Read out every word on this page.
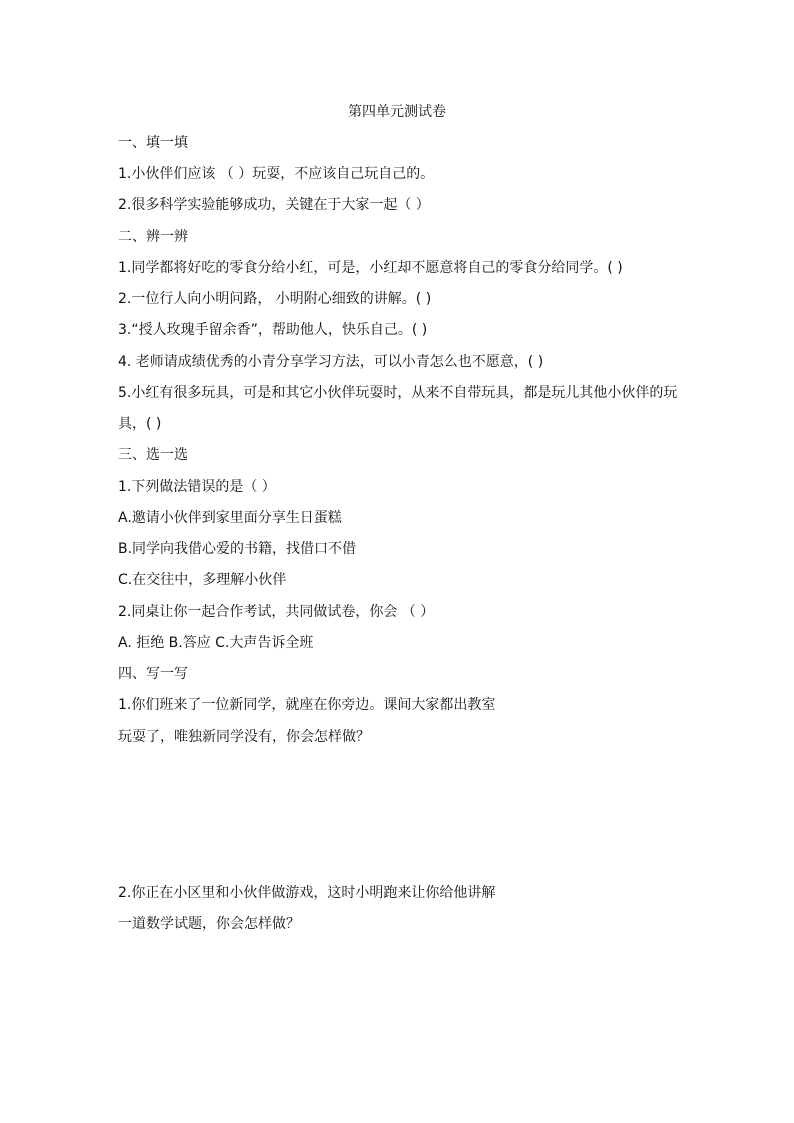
第四单元测试卷
一、填一填
1.小伙伴们应该 （ ）玩耍，不应该自己玩自己的。
2.很多科学实验能够成功，关键在于大家一起（ ）
二、辨一辨
1.同学都将好吃的零食分给小红，可是，小红却不愿意将自己的零食分给同学。( )
2.一位行人向小明问路， 小明附心细致的讲解。( )
3.“授人玫瑰手留余香”，帮助他人，快乐自己。( )
4. 老师请成绩优秀的小青分享学习方法，可以小青怎么也不愿意，( )
5.小红有很多玩具，可是和其它小伙伴玩耍时，从来不自带玩具，都是玩儿其他小伙伴的玩
具，( )
三、选一选
1.下列做法错误的是（ ）
A.邀请小伙伴到家里面分享生日蛋糕
B.同学向我借心爱的书籍，找借口不借
C.在交往中，多理解小伙伴
2.同桌让你一起合作考试，共同做试卷，你会 （ ）
A. 拒绝 B.答应 C.大声告诉全班
四、写一写
1.你们班来了一位新同学，就座在你旁边。课间大家都出教室
玩耍了，唯独新同学没有，你会怎样做？
2.你正在小区里和小伙伴做游戏，这时小明跑来让你给他讲解
一道数学试题，你会怎样做？
